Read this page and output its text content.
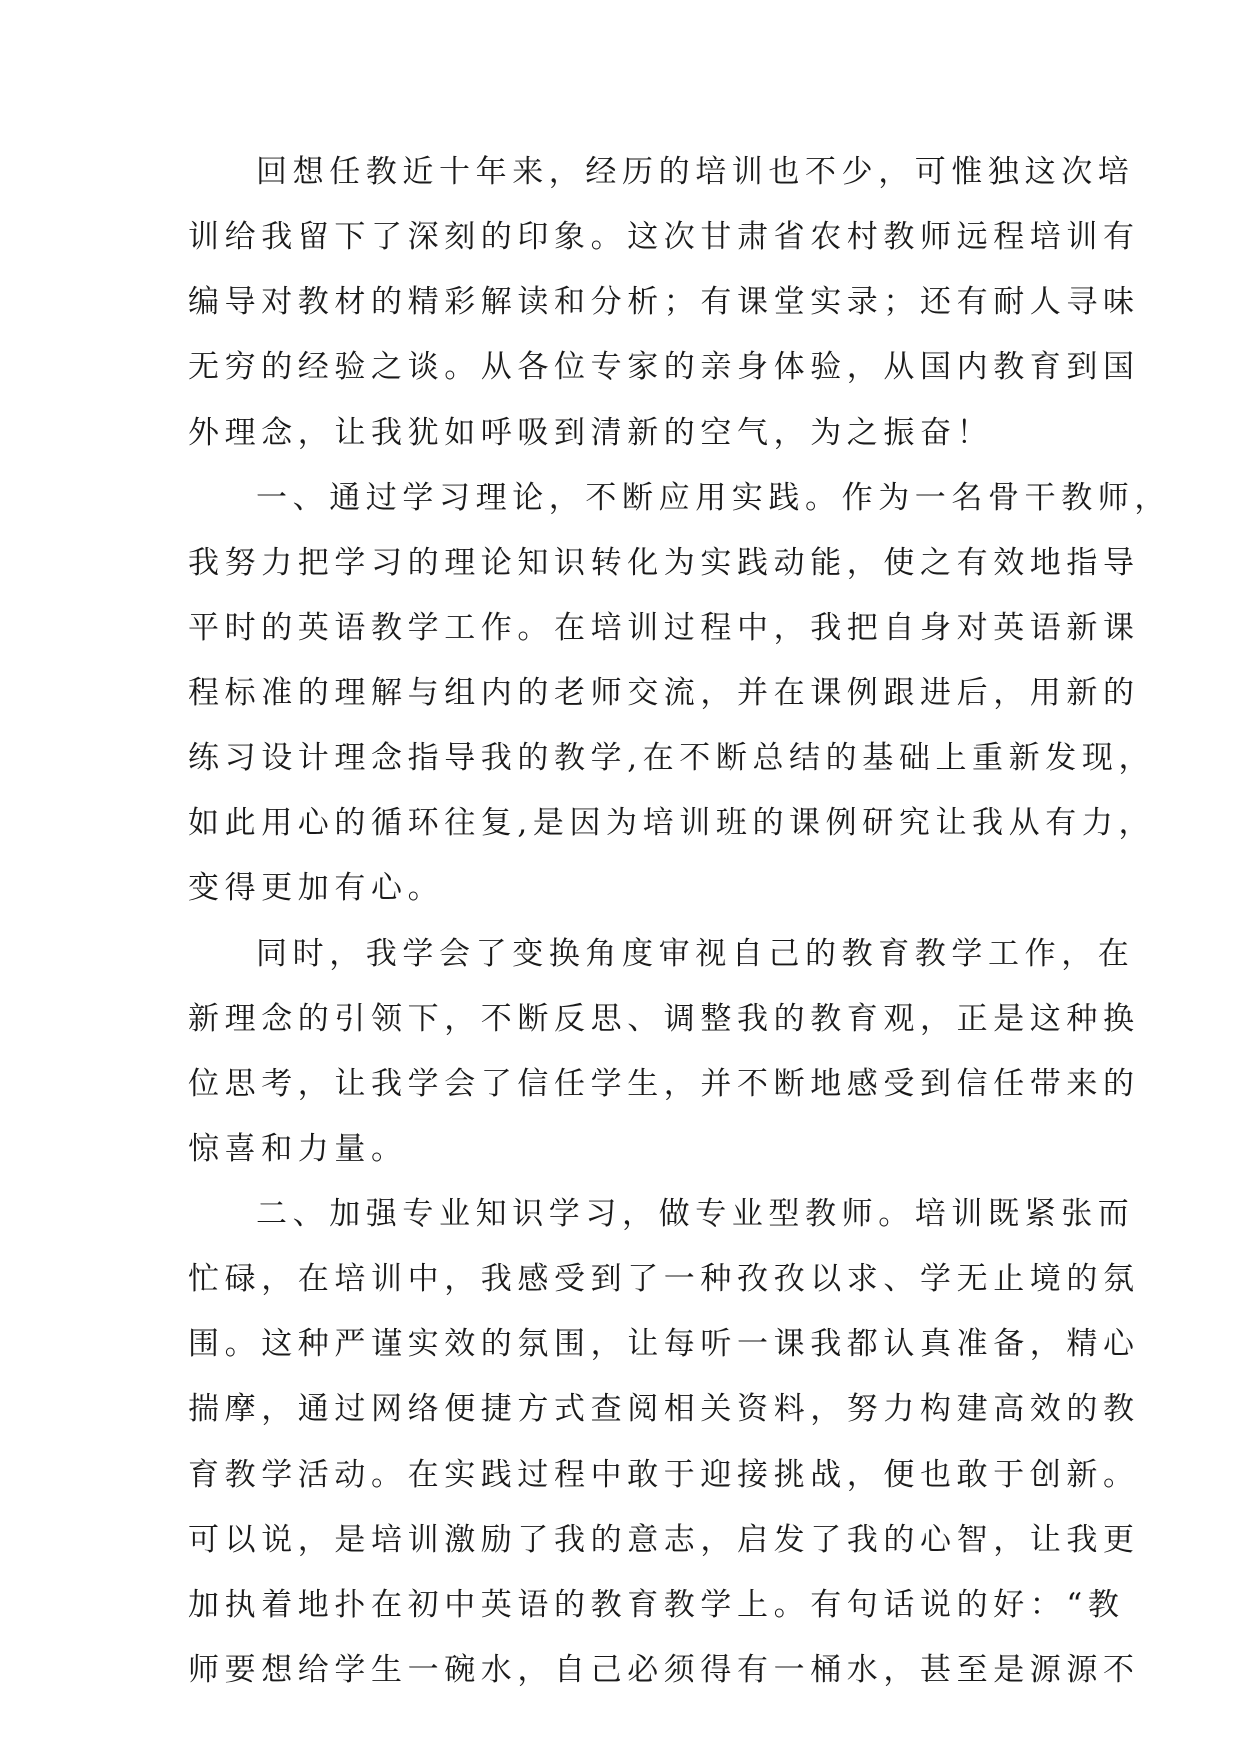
回想任教近十年来，经历的培训也不少，可惟独这次培
训给我留下了深刻的印象。这次甘肃省农村教师远程培训有
编导对教材的精彩解读和分析；有课堂实录；还有耐人寻味
无穷的经验之谈。从各位专家的亲身体验，从国内教育到国
外理念，让我犹如呼吸到清新的空气，为之振奋！
一、通过学习理论，不断应用实践。作为一名骨干教师，
我努力把学习的理论知识转化为实践动能，使之有效地指导
平时的英语教学工作。在培训过程中，我把自身对英语新课
程标准的理解与组内的老师交流，并在课例跟进后，用新的
练习设计理念指导我的教学,在不断总结的基础上重新发现，
如此用心的循环往复,是因为培训班的课例研究让我从有力，
变得更加有心。
同时，我学会了变换角度审视自己的教育教学工作，在
新理念的引领下，不断反思、调整我的教育观，正是这种换
位思考，让我学会了信任学生，并不断地感受到信任带来的
惊喜和力量。
二、加强专业知识学习，做专业型教师。培训既紧张而
忙碌，在培训中，我感受到了一种孜孜以求、学无止境的氛
围。这种严谨实效的氛围，让每听一课我都认真准备，精心
揣摩，通过网络便捷方式查阅相关资料，努力构建高效的教
育教学活动。在实践过程中敢于迎接挑战，便也敢于创新。
可以说，是培训激励了我的意志，启发了我的心智，让我更
加执着地扑在初中英语的教育教学上。有句话说的好：“教
师要想给学生一碗水，自己必须得有一桶水，甚至是源源不
